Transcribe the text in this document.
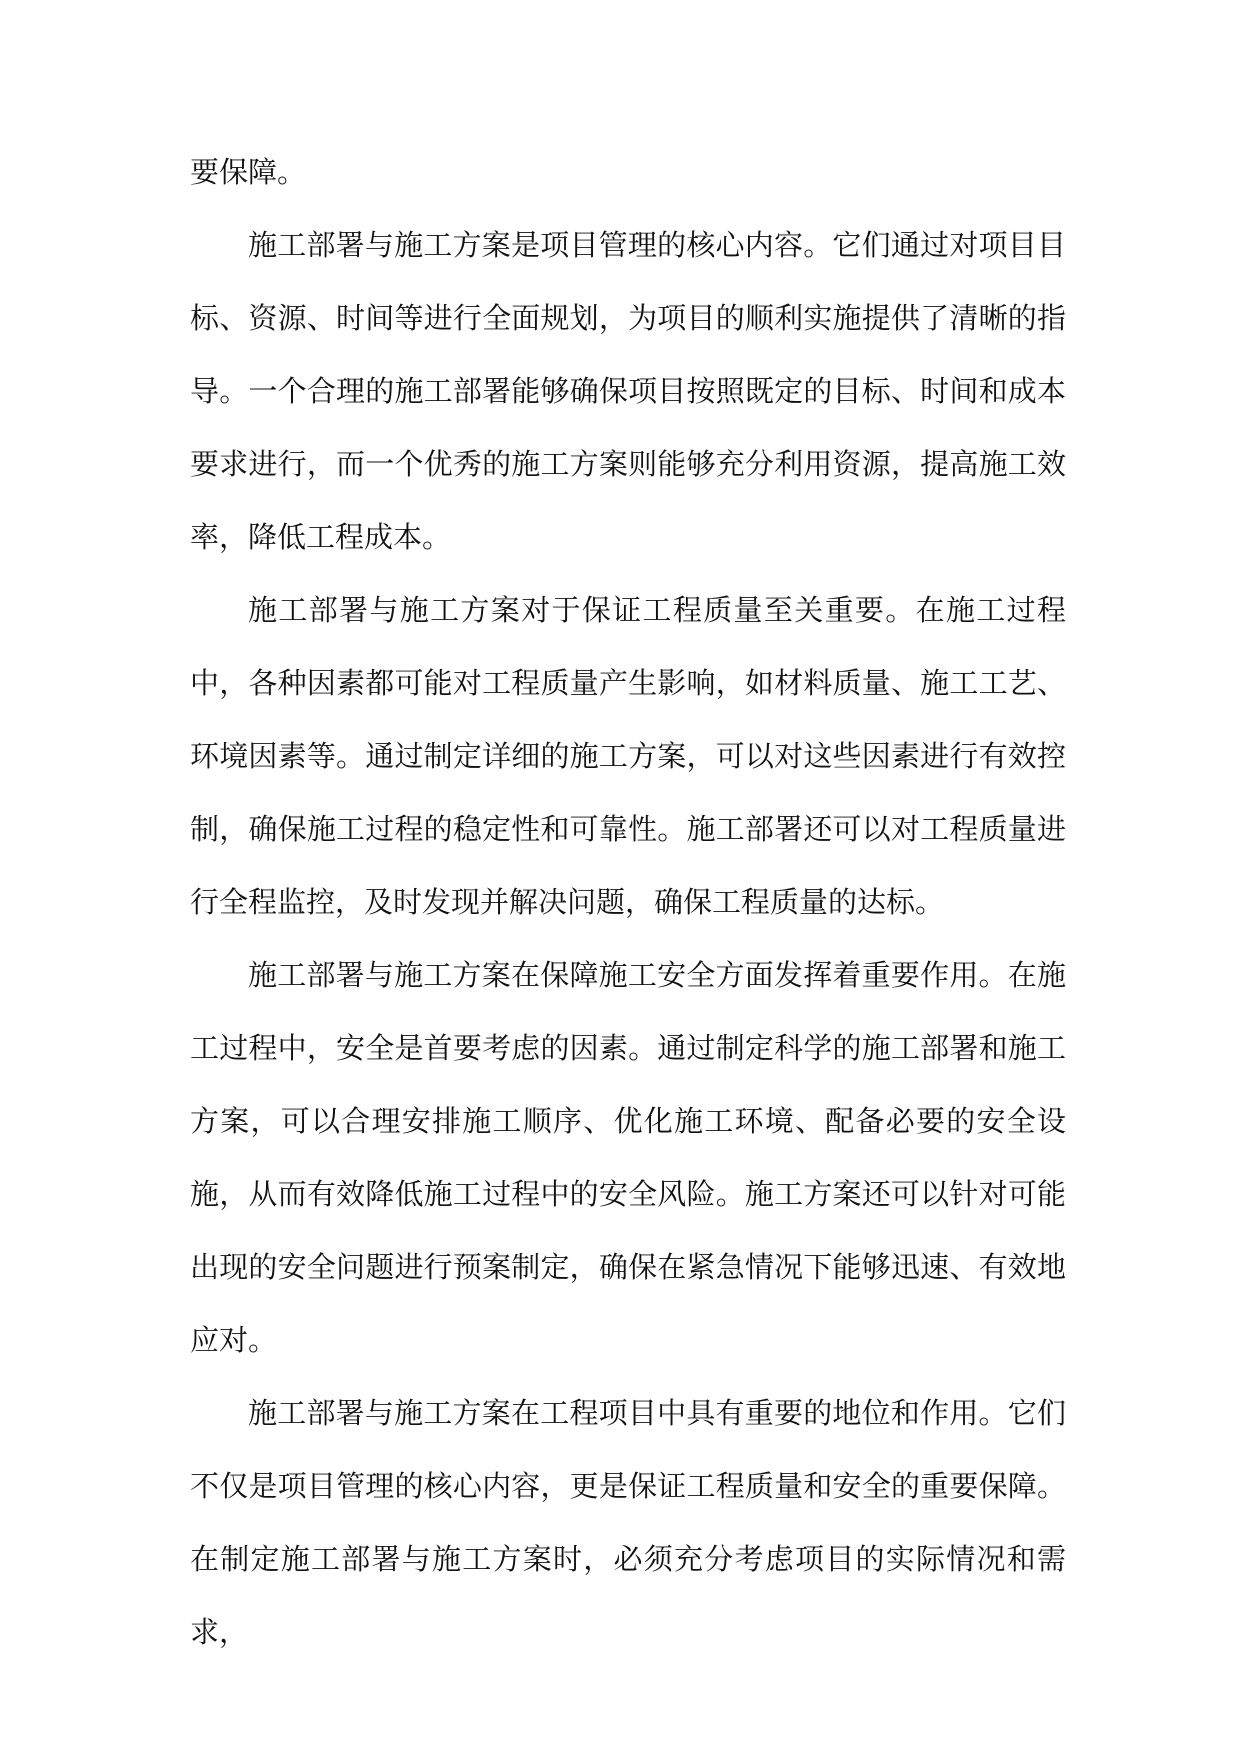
要保障。

施工部署与施工方案是项目管理的核心内容。它们通过对项目目标、资源、时间等进行全面规划，为项目的顺利实施提供了清晰的指导。一个合理的施工部署能够确保项目按照既定的目标、时间和成本要求进行，而一个优秀的施工方案则能够充分利用资源，提高施工效率，降低工程成本。

施工部署与施工方案对于保证工程质量至关重要。在施工过程中，各种因素都可能对工程质量产生影响，如材料质量、施工工艺、环境因素等。通过制定详细的施工方案，可以对这些因素进行有效控制，确保施工过程的稳定性和可靠性。施工部署还可以对工程质量进行全程监控，及时发现并解决问题，确保工程质量的达标。

施工部署与施工方案在保障施工安全方面发挥着重要作用。在施工过程中，安全是首要考虑的因素。通过制定科学的施工部署和施工方案，可以合理安排施工顺序、优化施工环境、配备必要的安全设施，从而有效降低施工过程中的安全风险。施工方案还可以针对可能出现的安全问题进行预案制定，确保在紧急情况下能够迅速、有效地应对。

施工部署与施工方案在工程项目中具有重要的地位和作用。它们不仅是项目管理的核心内容，更是保证工程质量和安全的重要保障。在制定施工部署与施工方案时，必须充分考虑项目的实际情况和需求，
